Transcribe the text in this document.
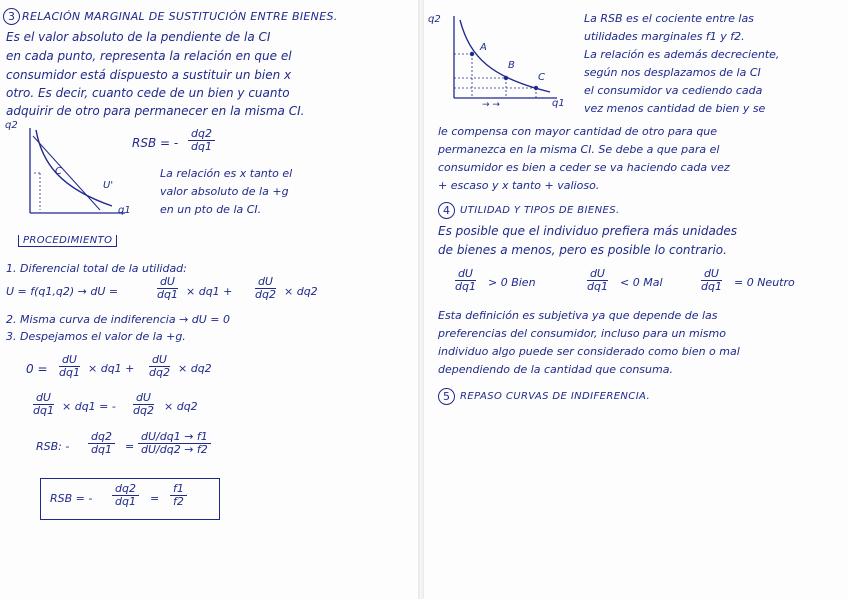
3 RELACIÓN MARGINAL DE SUSTITUCIÓN ENTRE BIENES.
Es el valor absoluto de la pendiente de la CI
en cada punto, representa la relación en que el
consumidor está dispuesto a sustituir un bien x
otro. Es decir, cuanto cede de un bien y cuanto
adquirir de otro para permanecer en la misma CI.
q2
C
U'
q1
RSB = - $\frac{dq2}{dq1}$
La relación es x tanto el
valor absoluto de la +g
en un pto de la CI.
PROCEDIMIENTO
1. Diferencial total de la utilidad:
U = f(q1,q2) → dU =	$\frac{dU}{dq1} \times dq1 + \frac{dU}{dq2} \times dq2$
2. Misma curva de indiferencia → dU = 0
3. Despejamos el valor de la +g.
$0 = \frac{dU}{dq1} \times dq1 + \frac{dU}{dq2} \times dq2$
$\frac{dU}{dq1} \times dq1$ = - $\frac{dU}{dq2} \times dq2$
RSB: - $\frac{dq2}{dq1} = \frac{dU/dq1 \to f1}{dU/dq2 \to f2}$
RSB = - $\frac{dq2}{dq1} = \frac{f1}{f2}$
q2
A
B
C
→ →	q1
La RSB es el cociente entre las
utilidades marginales f1 y f2.
La relación es además decreciente,
según nos desplazamos de la CI
el consumidor va cediendo cada
vez menos cantidad de bien y se
le compensa con mayor cantidad de otro para que
permanezca en la misma CI. Se debe a que para el
consumidor es bien a ceder se va haciendo cada vez
+ escaso y x tanto + valioso.
4	UTILIDAD Y TIPOS DE BIENES.
Es posible que el individuo prefiera más unidades
de bienes a menos, pero es posible lo contrario.
$\frac{dU}{dq1} > 0$ Bien	$\frac{dU}{dq1} < 0$ Mal	$\frac{dU}{dq1} = 0$ Neutro
Esta definición es subjetiva ya que depende de las
preferencias del consumidor, incluso para un mismo
individuo algo puede ser considerado como bien o mal
dependiendo de la cantidad que consuma.
5	REPASO CURVAS DE INDIFERENCIA.
